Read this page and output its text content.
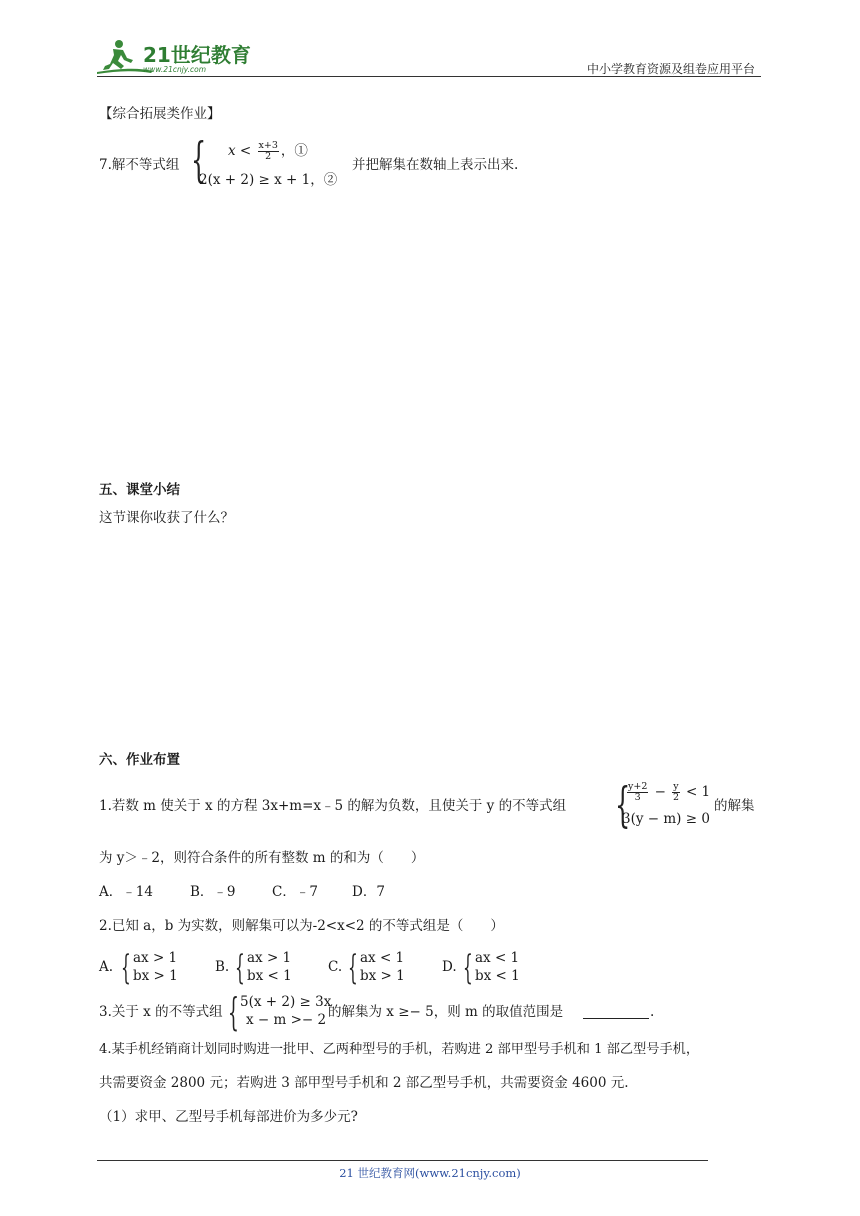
21世纪教育
www.21cnjy.com	中小学教育资源及组卷应用平台
【综合拓展类作业】
7.解不等式组 { $x < \frac{x+3}{2}$ ，①
2(x + 2) ≥ x + 1，②
并把解集在数轴上表示出来.
五、课堂小结
这节课你收获了什么？
六、作业布置
1.若数 m 使关于 x 的方程 3x+m=x﹣5 的解为负数，且使关于 y 的不等式组 {
$\frac{y+2}{3} - \frac{y}{2} < 1$
3(y − m) ≥ 0
的解集
为 y＞﹣2，则符合条件的所有整数 m 的和为（　　）
A．﹣14	B．﹣9	C．﹣7	D．7
2.已知 a，b 为实数，则解集可以为-2<x<2 的不等式组是（　　）
A. { ax > 1
bx > 1
B. { ax > 1
bx < 1
C. { ax < 1
bx > 1
D. { ax < 1
bx < 1
3.关于 x 的不等式组 { 5(x + 2) ≥ 3x
x − m >− 2 的解集为 x ≥− 5，则 m 的取值范围是	.
4.某手机经销商计划同时购进一批甲、乙两种型号的手机，若购进 2 部甲型号手机和 1 部乙型号手机，
共需要资金 2800 元；若购进 3 部甲型号手机和 2 部乙型号手机，共需要资金 4600 元.
（1）求甲、乙型号手机每部进价为多少元?
21 世纪教育网(www.21cnjy.com)
